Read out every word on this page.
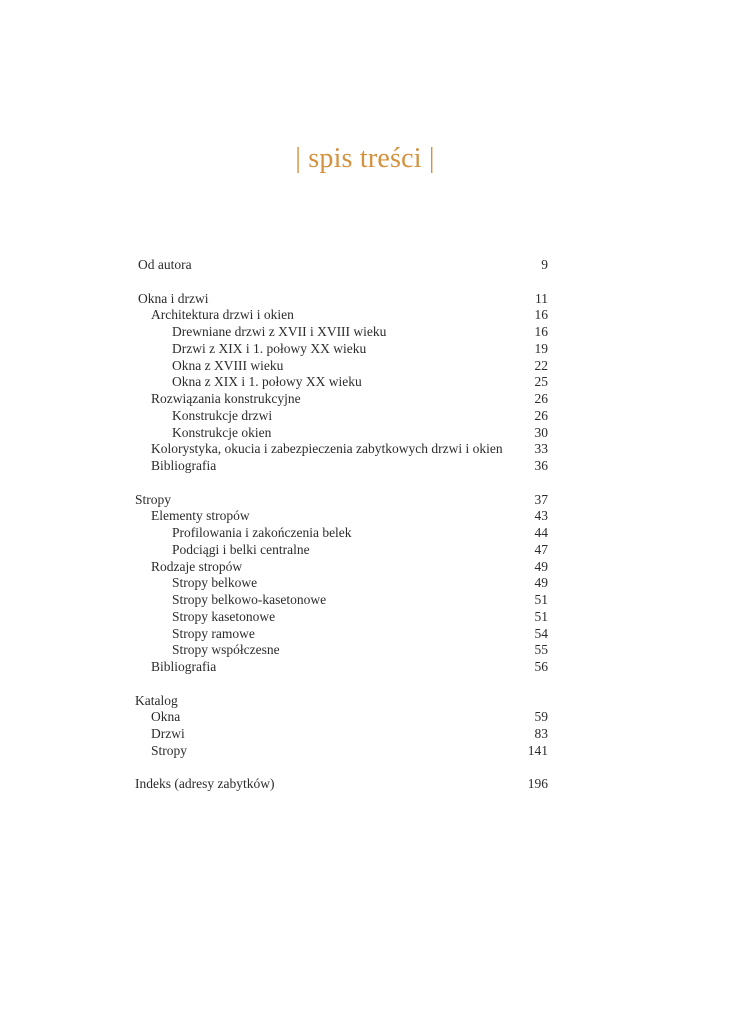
| spis treści |
Od autora	9
Okna i drzwi	11
Architektura drzwi i okien	16
Drewniane drzwi z XVII i XVIII wieku	16
Drzwi z XIX i 1. połowy XX wieku	19
Okna z XVIII wieku	22
Okna z XIX i 1. połowy XX wieku	25
Rozwiązania konstrukcyjne	26
Konstrukcje drzwi	26
Konstrukcje okien	30
Kolorystyka, okucia i zabezpieczenia zabytkowych drzwi i okien 33
Bibliografia	36
Stropy	37
Elementy stropów	43
Profilowania i zakończenia belek	44
Podciągi i belki centralne	47
Rodzaje stropów	49
Stropy belkowe	49
Stropy belkowo-kasetonowe	51
Stropy kasetonowe	51
Stropy ramowe	54
Stropy współczesne	55
Bibliografia	56
Katalog
Okna	59
Drzwi	83
Stropy	141
Indeks (adresy zabytków)	196
